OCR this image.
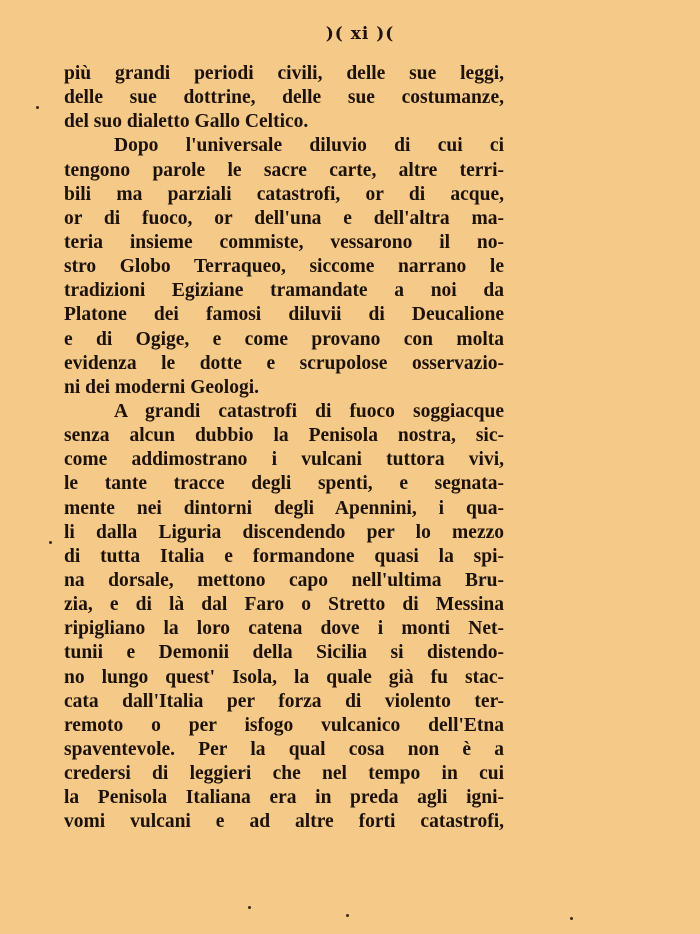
)( xi )(
più grandi periodi civili, delle sue leggi,
delle sue dottrine, delle sue costumanze,
del suo dialetto Gallo Celtico.
Dopo l'universale diluvio di cui ci
tengono parole le sacre carte, altre terri-
bili ma parziali catastrofi, or di acque,
or di fuoco, or dell'una e dell'altra ma-
teria insieme commiste, vessarono il no-
stro Globo Terraqueo, siccome narrano le
tradizioni Egiziane tramandate a noi da
Platone dei famosi diluvii di Deucalione
e di Ogige, e come provano con molta
evidenza le dotte e scrupolose osservazio-
ni dei moderni Geologi.
A grandi catastrofi di fuoco soggiacque
senza alcun dubbio la Penisola nostra, sic-
come addimostrano i vulcani tuttora vivi,
le tante tracce degli spenti, e segnata-
mente nei dintorni degli Apennini, i qua-
li dalla Liguria discendendo per lo mezzo
di tutta Italia e formandone quasi la spi-
na dorsale, mettono capo nell'ultima Bru-
zia, e di là dal Faro o Stretto di Messina
ripigliano la loro catena dove i monti Net-
tunii e Demonii della Sicilia si distendo-
no lungo quest' Isola, la quale già fu stac-
cata dall'Italia per forza di violento ter-
remoto o per isfogo vulcanico dell'Etna
spaventevole. Per la qual cosa non è a
credersi di leggieri che nel tempo in cui
la Penisola Italiana era in preda agli igni-
vomi vulcani e ad altre forti catastrofi,
